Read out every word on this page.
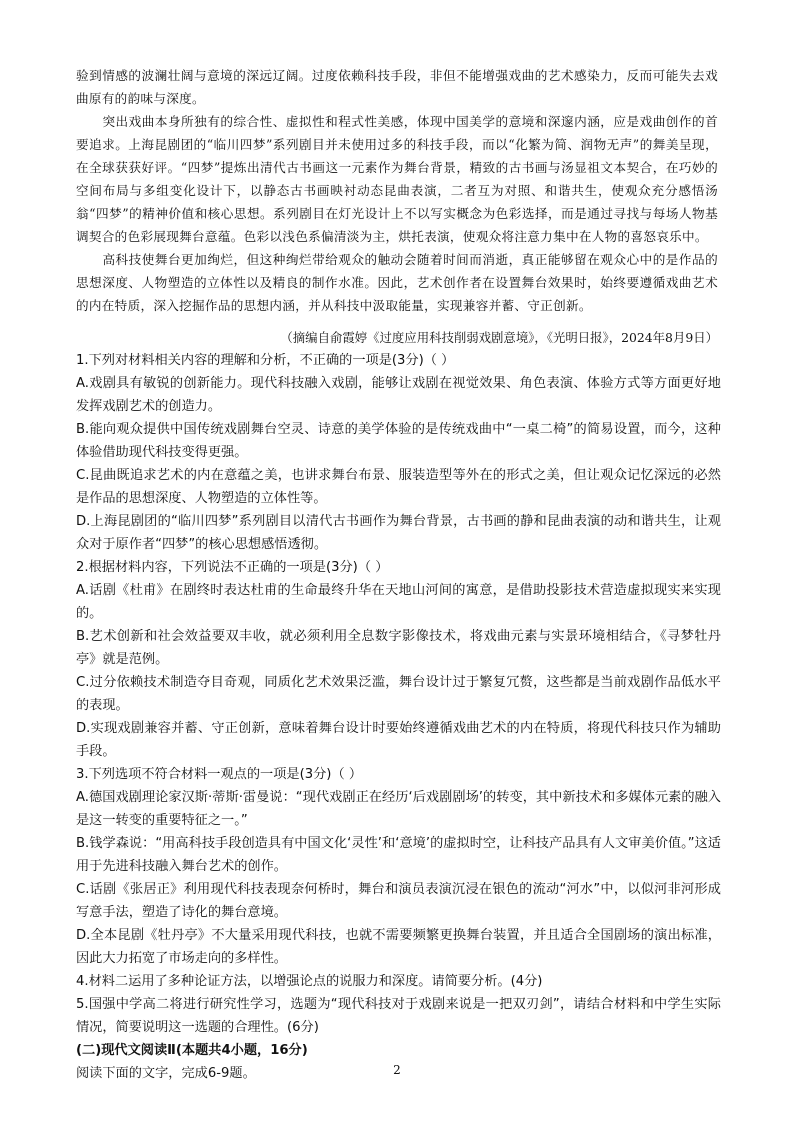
验到情感的波澜壮阔与意境的深远辽阔。过度依赖科技手段，非但不能增强戏曲的艺术感染力，反而可能失去戏曲原有的韵味与深度。

突出戏曲本身所独有的综合性、虚拟性和程式性美感，体现中国美学的意境和深邃内涵，应是戏曲创作的首要追求。上海昆剧团的“临川四梦”系列剧目并未使用过多的科技手段，而以“化繁为简、润物无声”的舞美呈现，在全球获获好评。“四梦”提炼出清代古书画这一元素作为舞台背景，精致的古书画与汤显祖文本契合，在巧妙的空间布局与多组变化设计下，以静态古书画映衬动态昆曲表演，二者互为对照、和谐共生，使观众充分感悟汤翁“四梦”的精神价值和核心思想。系列剧目在灯光设计上不以写实概念为色彩选择，而是通过寻找与每场人物基调契合的色彩展现舞台意蕴。色彩以浅色系偏清淡为主，烘托表演，使观众将注意力集中在人物的喜怒哀乐中。

高科技使舞台更加绚烂，但这种绚烂带给观众的触动会随着时间而消逝，真正能够留在观众心中的是作品的思想深度、人物塑造的立体性以及精良的制作水准。因此，艺术创作者在设置舞台效果时，始终要遵循戏曲艺术的内在特质，深入挖掘作品的思想内涵，并从科技中汲取能量，实现兼容并蓄、守正创新。

（摘编自俞霞婷《过度应用科技削弱戏剧意境》，《光明日报》，2024年8月9日）

1.下列对材料相关内容的理解和分析，不正确的一项是(3分)（ ）

A.戏剧具有敏锐的创新能力。现代科技融入戏剧，能够让戏剧在视觉效果、角色表演、体验方式等方面更好地发挥戏剧艺术的创造力。

B.能向观众提供中国传统戏剧舞台空灵、诗意的美学体验的是传统戏曲中“一桌二椅”的简易设置，而今，这种体验借助现代科技变得更强。

C.昆曲既追求艺术的内在意蕴之美，也讲求舞台布景、服装造型等外在的形式之美，但让观众记忆深远的必然是作品的思想深度、人物塑造的立体性等。

D.上海昆剧团的“临川四梦”系列剧目以清代古书画作为舞台背景，古书画的静和昆曲表演的动和谐共生，让观众对于原作者“四梦”的核心思想感悟透彻。

2.根据材料内容，下列说法不正确的一项是(3分)（ ）

A.话剧《杜甫》在剧终时表达杜甫的生命最终升华在天地山河间的寓意，是借助投影技术营造虚拟现实来实现的。

B.艺术创新和社会效益要双丰收，就必须利用全息数字影像技术，将戏曲元素与实景环境相结合，《寻梦牡丹亭》就是范例。

C.过分依赖技术制造夺目奇观，同质化艺术效果泛滥，舞台设计过于繁复冗赘，这些都是当前戏剧作品低水平的表现。

D.实现戏剧兼容并蓄、守正创新，意味着舞台设计时要始终遵循戏曲艺术的内在特质，将现代科技只作为辅助手段。

3.下列选项不符合材料一观点的一项是(3分)（ ）

A.德国戏剧理论家汉斯·蒂斯·雷曼说：“现代戏剧正在经历‘后戏剧剧场’的转变，其中新技术和多媒体元素的融入是这一转变的重要特征之一。”

B.钱学森说：“用高科技手段创造具有中国文化‘灵性’和‘意境’的虚拟时空，让科技产品具有人文审美价值。”这适用于先进科技融入舞台艺术的创作。

C.话剧《张居正》利用现代科技表现奈何桥时，舞台和演员表演沉浸在银色的流动“河水”中，以似河非河形成写意手法，塑造了诗化的舞台意境。

D.全本昆剧《牡丹亭》不大量采用现代科技，也就不需要频繁更换舞台装置，并且适合全国剧场的演出标准，因此大力拓宽了市场走向的多样性。

4.材料二运用了多种论证方法，以增强论点的说服力和深度。请简要分析。(4分)

5.国强中学高二将进行研究性学习，选题为“现代科技对于戏剧来说是一把双刃剑”，请结合材料和中学生实际情况，简要说明这一选题的合理性。(6分)

(二)现代文阅读Ⅱ(本题共4小题，16分)

阅读下面的文字，完成6-9题。	2
